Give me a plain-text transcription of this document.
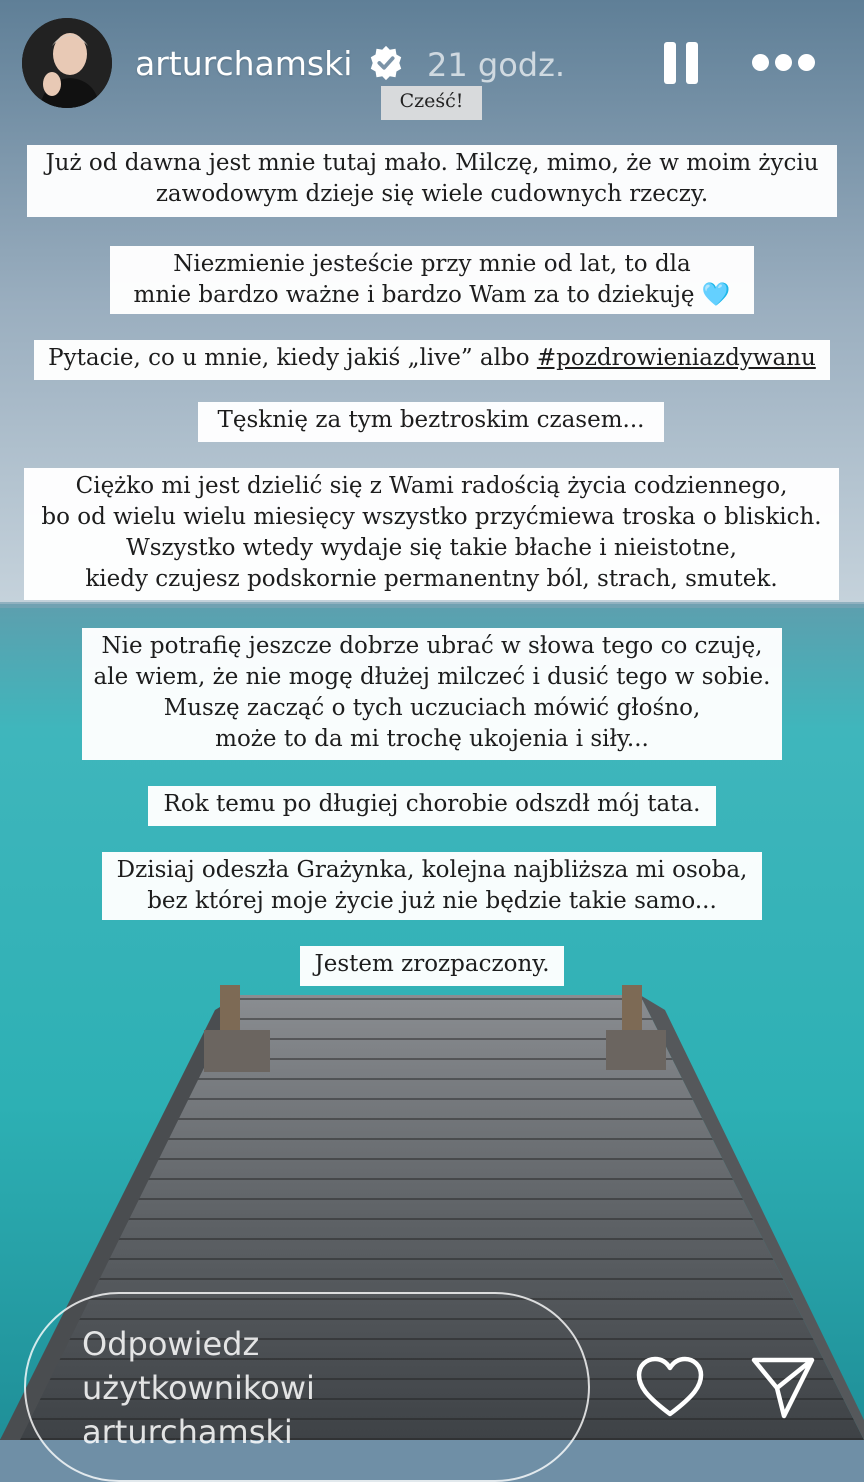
arturchamski 21 godz.
Cześć!
Już od dawna jest mnie tutaj mało. Milczę, mimo, że w moim życiu
zawodowym dzieje się wiele cudownych rzeczy.
Niezmienie jesteście przy mnie od lat, to dla
mnie bardzo ważne i bardzo Wam za to dziekuję 🩵
Pytacie, co u mnie, kiedy jakiś „live” albo #pozdrowieniazdywanu
Tęsknię za tym beztroskim czasem...
Ciężko mi jest dzielić się z Wami radością życia codziennego,
bo od wielu wielu miesięcy wszystko przyćmiewa troska o bliskich.
Wszystko wtedy wydaje się takie błache i nieistotne,
kiedy czujesz podskornie permanentny ból, strach, smutek.
Nie potrafię jeszcze dobrze ubrać w słowa tego co czuję,
ale wiem, że nie mogę dłużej milczeć i dusić tego w sobie.
Muszę zacząć o tych uczuciach mówić głośno,
może to da mi trochę ukojenia i siły...
Rok temu po długiej chorobie odszdł mój tata.
Dzisiaj odeszła Grażynka, kolejna najbliższa mi osoba,
bez której moje życie już nie będzie takie samo...
Jestem zrozpaczony.
Odpowiedz użytkownikowi arturchamski
